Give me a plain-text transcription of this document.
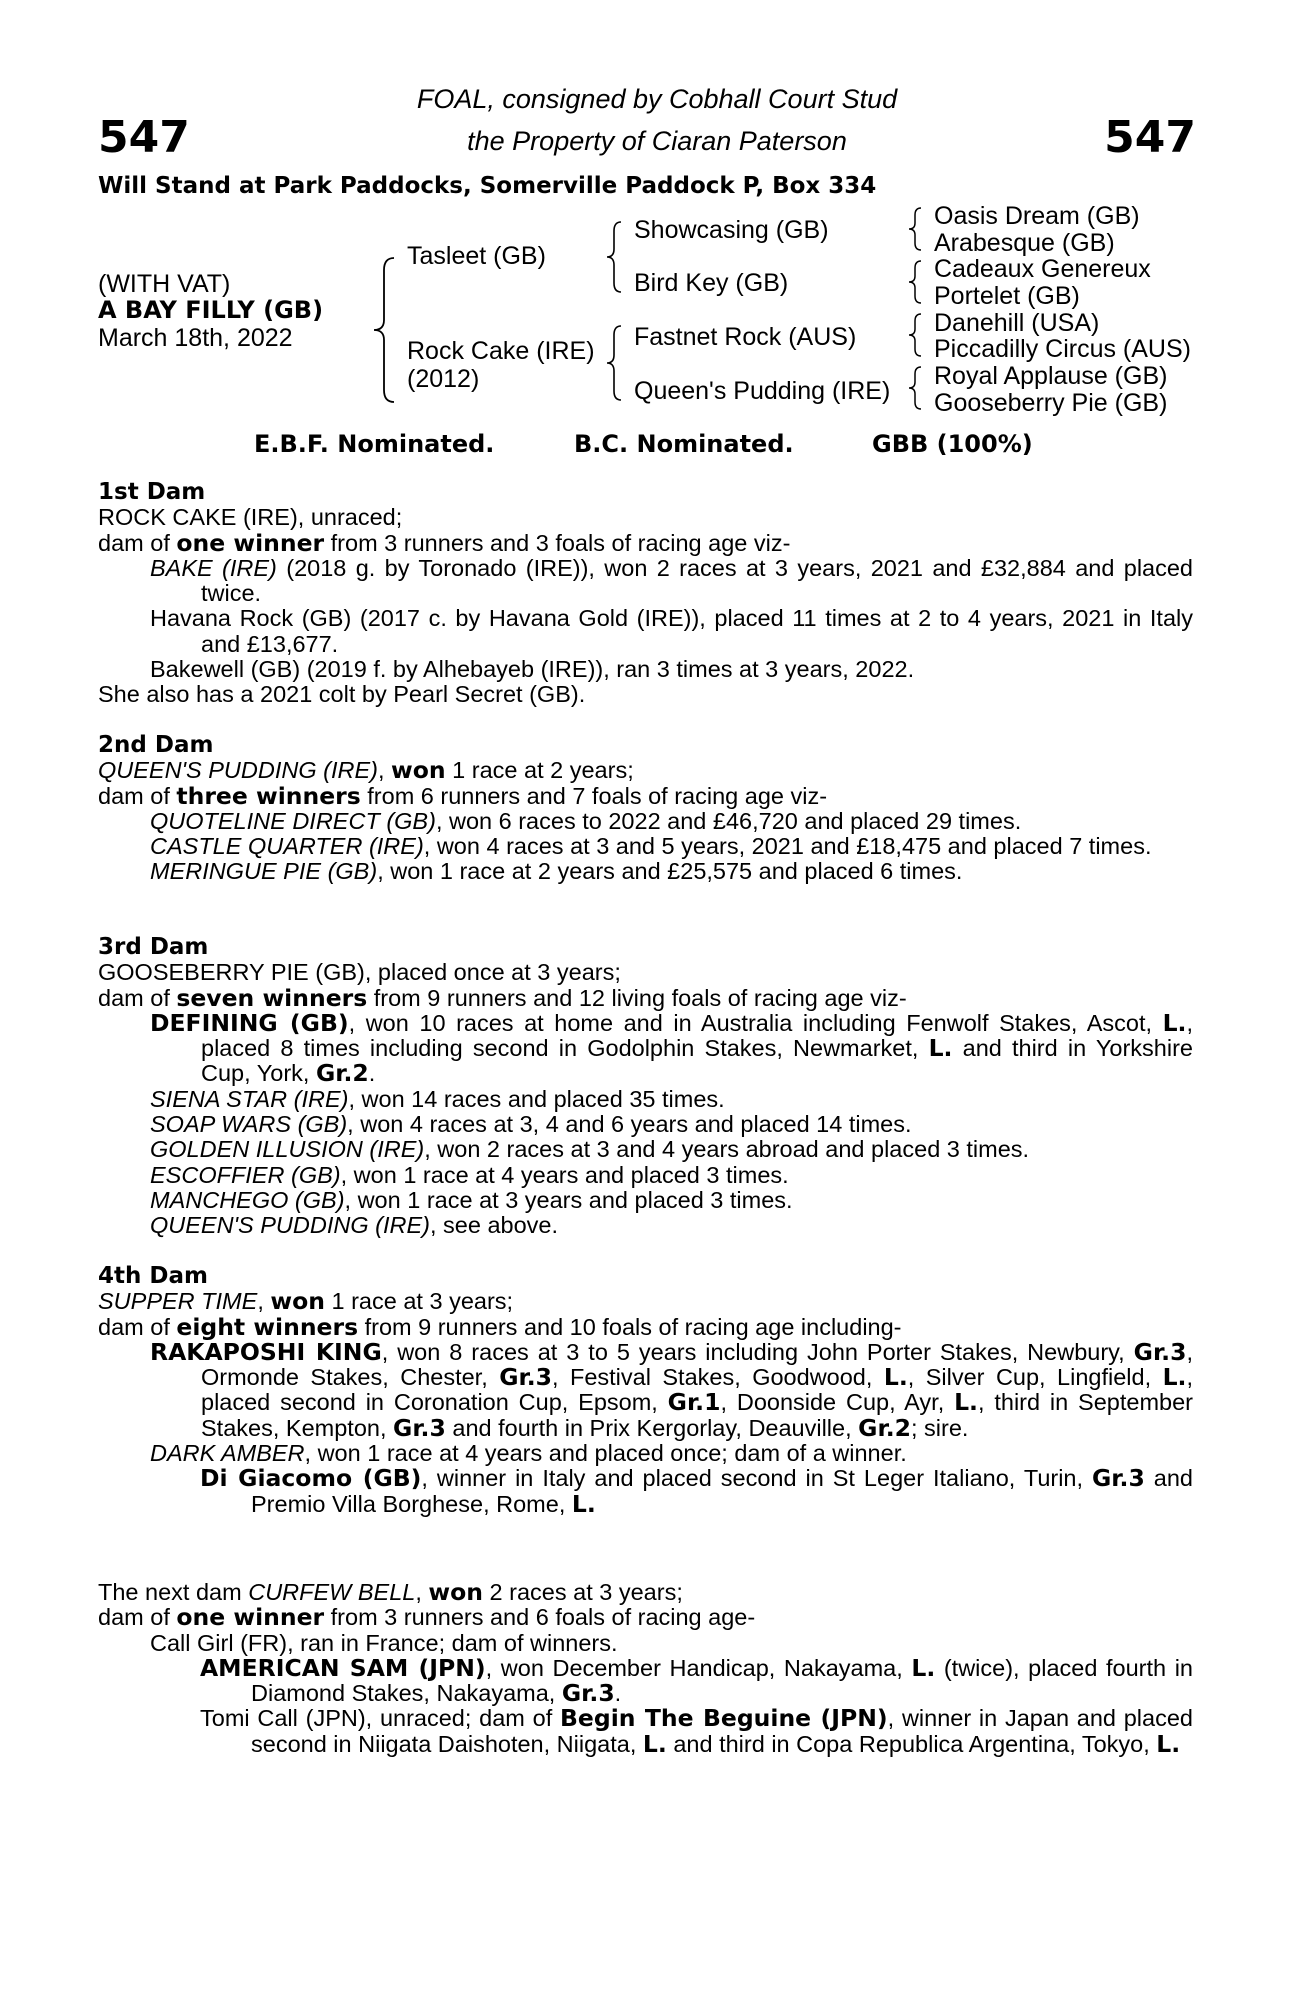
547	547
FOAL, consigned by Cobhall Court Stud
the Property of Ciaran Paterson
Will Stand at Park Paddocks, Somerville Paddock P, Box 334
(WITH VAT)
A BAY FILLY (GB)
March 18th, 2022
Tasleet (GB)
Rock Cake (IRE)
(2012)
Showcasing (GB)
Bird Key (GB)
Fastnet Rock (AUS)
Queen's Pudding (IRE)
Oasis Dream (GB)
Arabesque (GB)
Cadeaux Genereux
Portelet (GB)
Danehill (USA)
Piccadilly Circus (AUS)
Royal Applause (GB)
Gooseberry Pie (GB)
E.B.F. Nominated.	B.C. Nominated.	GBB (100%)
1st Dam

ROCK CAKE (IRE), unraced;

dam of one winner from 3 runners and 3 foals of racing age viz-

BAKE (IRE) (2018 g. by Toronado (IRE)), won 2 races at 3 years, 2021 and £32,884 and placed twice.

Havana Rock (GB) (2017 c. by Havana Gold (IRE)), placed 11 times at 2 to 4 years, 2021 in Italy and £13,677.

Bakewell (GB) (2019 f. by Alhebayeb (IRE)), ran 3 times at 3 years, 2022.

She also has a 2021 colt by Pearl Secret (GB).

2nd Dam

QUEEN'S PUDDING (IRE), won 1 race at 2 years;

dam of three winners from 6 runners and 7 foals of racing age viz-

QUOTELINE DIRECT (GB), won 6 races to 2022 and £46,720 and placed 29 times.

CASTLE QUARTER (IRE), won 4 races at 3 and 5 years, 2021 and £18,475 and placed 7 times.

MERINGUE PIE (GB), won 1 race at 2 years and £25,575 and placed 6 times.

3rd Dam

GOOSEBERRY PIE (GB), placed once at 3 years;

dam of seven winners from 9 runners and 12 living foals of racing age viz-

DEFINING (GB), won 10 races at home and in Australia including Fenwolf Stakes, Ascot, L., placed 8 times including second in Godolphin Stakes, Newmarket, L. and third in Yorkshire Cup, York, Gr.2.

SIENA STAR (IRE), won 14 races and placed 35 times.

SOAP WARS (GB), won 4 races at 3, 4 and 6 years and placed 14 times.

GOLDEN ILLUSION (IRE), won 2 races at 3 and 4 years abroad and placed 3 times.

ESCOFFIER (GB), won 1 race at 4 years and placed 3 times.

MANCHEGO (GB), won 1 race at 3 years and placed 3 times.

QUEEN'S PUDDING (IRE), see above.

4th Dam

SUPPER TIME, won 1 race at 3 years;

dam of eight winners from 9 runners and 10 foals of racing age including-

RAKAPOSHI KING, won 8 races at 3 to 5 years including John Porter Stakes, Newbury, Gr.3, Ormonde Stakes, Chester, Gr.3, Festival Stakes, Goodwood, L., Silver Cup, Lingfield, L., placed second in Coronation Cup, Epsom, Gr.1, Doonside Cup, Ayr, L., third in September Stakes, Kempton, Gr.3 and fourth in Prix Kergorlay, Deauville, Gr.2; sire.

DARK AMBER, won 1 race at 4 years and placed once; dam of a winner.

Di Giacomo (GB), winner in Italy and placed second in St Leger Italiano, Turin, Gr.3 and Premio Villa Borghese, Rome, L.

The next dam CURFEW BELL, won 2 races at 3 years;

dam of one winner from 3 runners and 6 foals of racing age-

Call Girl (FR), ran in France; dam of winners.

AMERICAN SAM (JPN), won December Handicap, Nakayama, L. (twice), placed fourth in Diamond Stakes, Nakayama, Gr.3.

Tomi Call (JPN), unraced; dam of Begin The Beguine (JPN), winner in Japan and placed second in Niigata Daishoten, Niigata, L. and third in Copa Republica Argentina, Tokyo, L.
